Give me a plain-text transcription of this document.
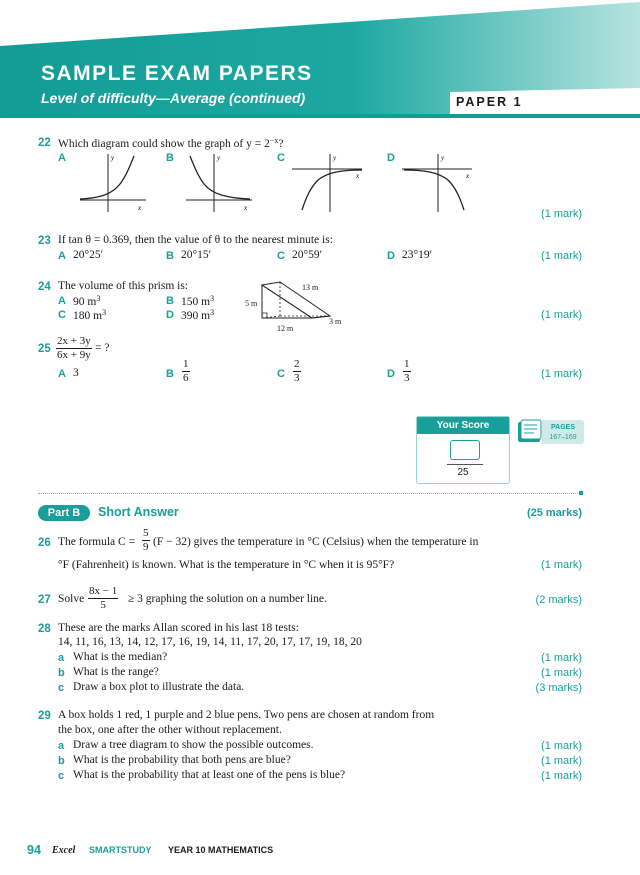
SAMPLE EXAM PAPERS
Level of difficulty—Average (continued)	PAPER 1
22 Which diagram could show the graph of $y = 2^{-x}$?
A	B	C	D
y
x
y
x
y
x
y
x
(1 mark)
23 If tan θ = 0.369, then the value of θ to the nearest minute is:
A 20°25′	B 20°15′	C 20°59′	D 23°19′	(1 mark)
24 The volume of this prism is:
A 90 $m^3$	B 150 $m^3$
C 180 $m^3$	D 390 $m^3$
13 m
5 m
12 m
3 m
(1 mark)
$25 \frac{2x + 3y}{6x + 9y}$ = ?
A 3	B $\frac{1}{6}$	C $\frac{2}{3}$	D $\frac{1}{3}$	(1 mark)
Your Score
25
PAGES
167–169
Part B	Short Answer	(25 marks)
26 The formula $C = \frac{5}{9} (F - 32)$ gives the temperature in °C (Celsius) when the temperature in
°F (Fahrenheit) is known. What is the temperature in °C when it is 95°F?	(1 mark)
27 Solve $\frac{8x - 1}{5} \ge 3$ graphing the solution on a number line.	(2 marks)
28 These are the marks Allan scored in his last 18 tests:
14, 11, 16, 13, 14, 12, 17, 16, 19, 14, 11, 17, 20, 17, 17, 19, 18, 20
a What is the median?	(1 mark)
b What is the range?	(1 mark)
c Draw a box plot to illustrate the data.	(3 marks)
29 A box holds 1 red, 1 purple and 2 blue pens. Two pens are chosen at random from
the box, one after the other without replacement.
a Draw a tree diagram to show the possible outcomes.	(1 mark)
b What is the probability that both pens are blue?	(1 mark)
c What is the probability that at least one of the pens is blue?	(1 mark)
94 Excel SMARTSTUDY YEAR 10 MATHEMATICS
